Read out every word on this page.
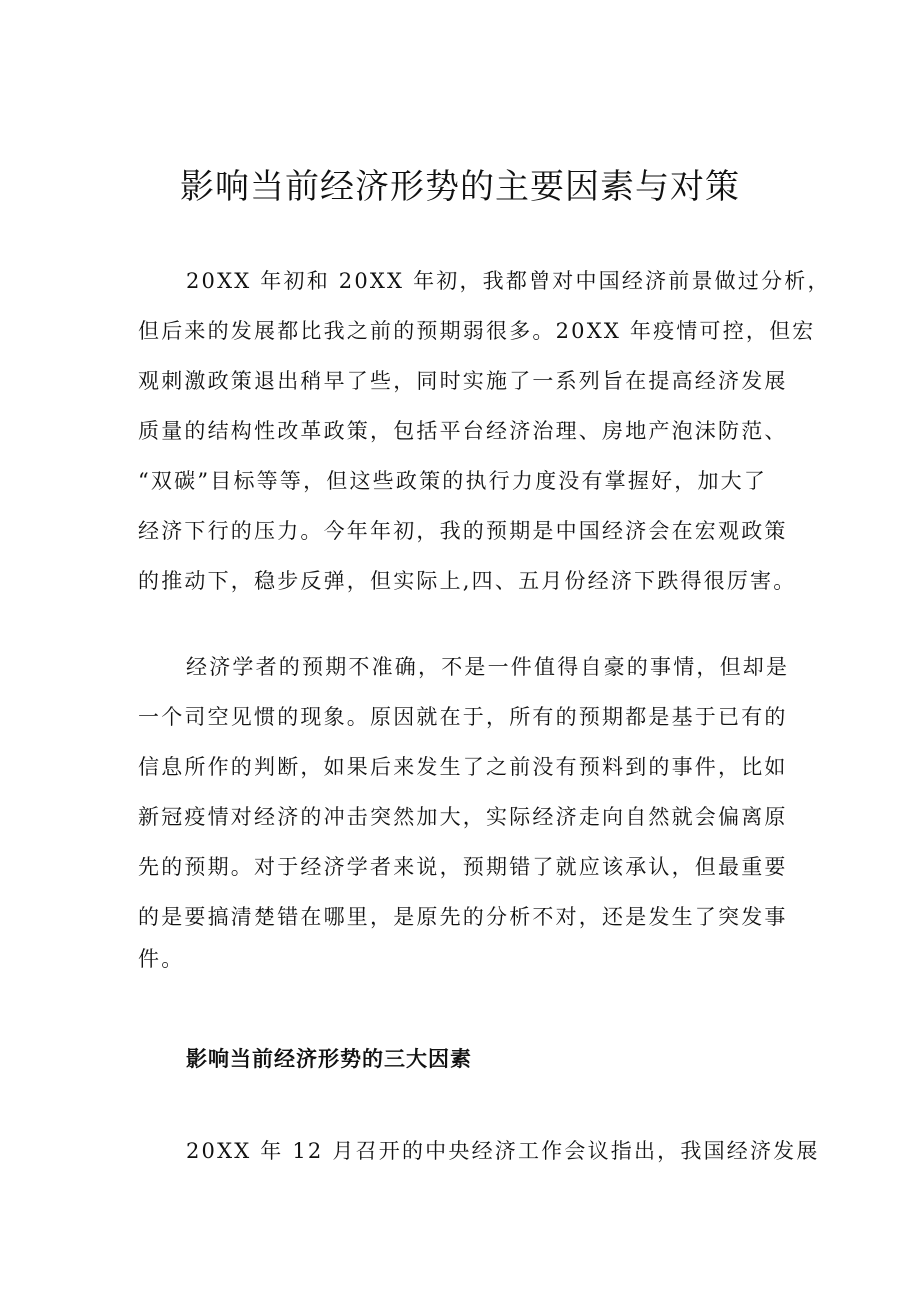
影响当前经济形势的主要因素与对策

20XX 年初和 20XX 年初，我都曾对中国经济前景做过分析，

但后来的发展都比我之前的预期弱很多。20XX 年疫情可控，但宏

观刺激政策退出稍早了些，同时实施了一系列旨在提高经济发展

质量的结构性改革政策，包括平台经济治理、房地产泡沫防范、

“双碳”目标等等，但这些政策的执行力度没有掌握好，加大了

经济下行的压力。今年年初，我的预期是中国经济会在宏观政策

的推动下，稳步反弹，但实际上,四、五月份经济下跌得很厉害。

经济学者的预期不准确，不是一件值得自豪的事情，但却是

一个司空见惯的现象。原因就在于，所有的预期都是基于已有的

信息所作的判断，如果后来发生了之前没有预料到的事件，比如

新冠疫情对经济的冲击突然加大，实际经济走向自然就会偏离原

先的预期。对于经济学者来说，预期错了就应该承认，但最重要

的是要搞清楚错在哪里，是原先的分析不对，还是发生了突发事

件。

影响当前经济形势的三大因素

20XX 年 12 月召开的中央经济工作会议指出，我国经济发展
